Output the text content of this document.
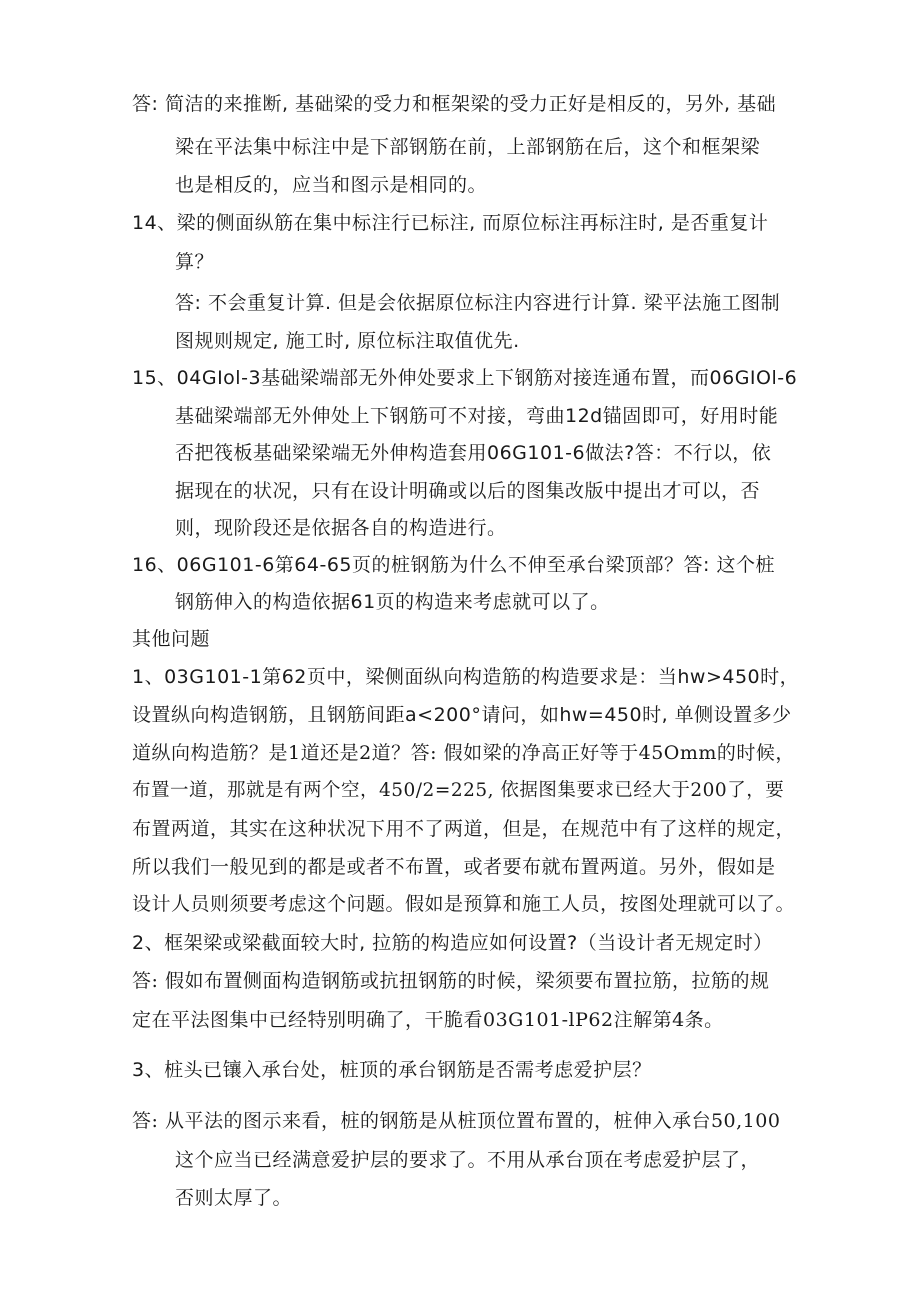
答: 简洁的来推断, 基础梁的受力和框架梁的受力正好是相反的，另外, 基础
梁在平法集中标注中是下部钢筋在前，上部钢筋在后，这个和框架梁
也是相反的，应当和图示是相同的。
14、梁的侧面纵筋在集中标注行已标注, 而原位标注再标注时, 是否重复计
算？
答: 不会重复计算. 但是会依据原位标注内容进行计算. 梁平法施工图制
图规则规定, 施工时, 原位标注取值优先.
15、04GIol-3基础梁端部无外伸处要求上下钢筋对接连通布置，而06GIOl-6
基础梁端部无外伸处上下钢筋可不对接，弯曲12d锚固即可，好用时能
否把筏板基础梁梁端无外伸构造套用06G101-6做法?答：不行以，依
据现在的状况，只有在设计明确或以后的图集改版中提出才可以，否
则，现阶段还是依据各自的构造进行。
16、06G101-6第64-65页的桩钢筋为什么不伸至承台梁顶部？答: 这个桩
钢筋伸入的构造依据61页的构造来考虑就可以了。
其他问题
1、03G101-1第62页中，梁侧面纵向构造筋的构造要求是：当hw>450时，
设置纵向构造钢筋，且钢筋间距a<200°请问，如hw=450时, 单侧设置多少
道纵向构造筋？是1道还是2道？答: 假如梁的净高正好等于45Omm的时候，
布置一道，那就是有两个空，450/2=225, 依据图集要求已经大于200了，要
布置两道，其实在这种状况下用不了两道，但是，在规范中有了这样的规定，
所以我们一般见到的都是或者不布置，或者要布就布置两道。另外，假如是
设计人员则须要考虑这个问题。假如是预算和施工人员，按图处理就可以了。
2、框架梁或梁截面较大时, 拉筋的构造应如何设置?（当设计者无规定时）
答: 假如布置侧面构造钢筋或抗扭钢筋的时候，梁须要布置拉筋，拉筋的规
定在平法图集中已经特别明确了，干脆看03G101-lP62注解第4条。
3、桩头已镶入承台处，桩顶的承台钢筋是否需考虑爱护层？
答: 从平法的图示来看，桩的钢筋是从桩顶位置布置的，桩伸入承台50,100
这个应当已经满意爱护层的要求了。不用从承台顶在考虑爱护层了，
否则太厚了。
